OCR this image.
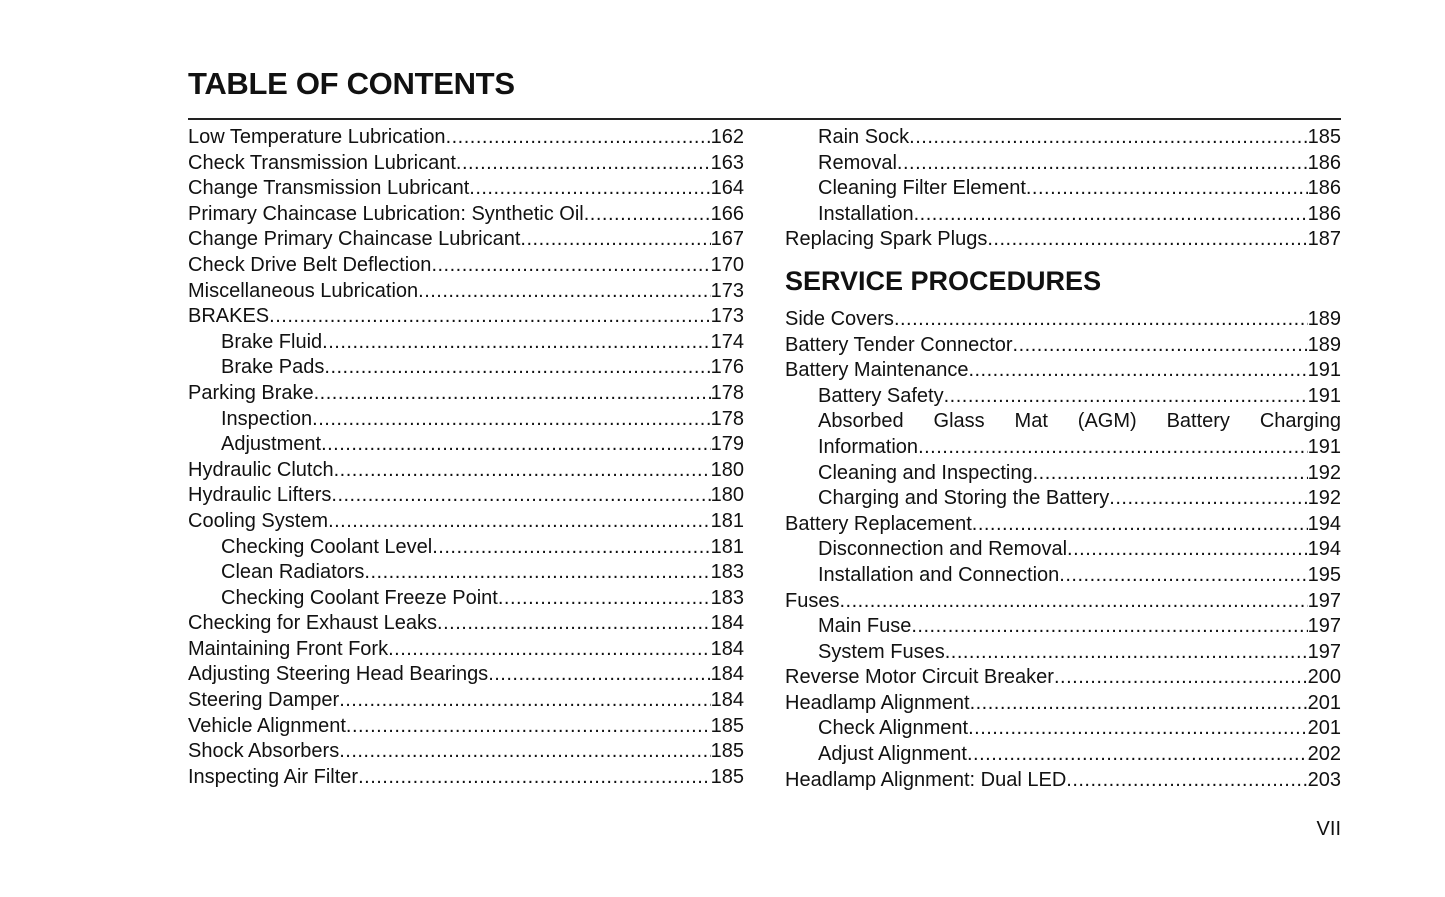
TABLE OF CONTENTS
Low Temperature Lubrication .....	162
Check Transmission Lubricant .....	163
Change Transmission Lubricant .....	164
Primary Chaincase Lubrication: Synthetic Oil .....	166
Change Primary Chaincase Lubricant .....	167
Check Drive Belt Deflection .....	170
Miscellaneous Lubrication .....	173
BRAKES .....	173
Brake Fluid .....	174
Brake Pads .....	176
Parking Brake .....	178
Inspection .....	178
Adjustment .....	179
Hydraulic Clutch .....	180
Hydraulic Lifters .....	180
Cooling System .....	181
Checking Coolant Level .....	181
Clean Radiators .....	183
Checking Coolant Freeze Point .....	183
Checking for Exhaust Leaks .....	184
Maintaining Front Fork .....	184
Adjusting Steering Head Bearings .....	184
Steering Damper .....	184
Vehicle Alignment .....	185
Shock Absorbers .....	185
Inspecting Air Filter .....	185
Rain Sock .....	185
Removal .....	186
Cleaning Filter Element .....	186
Installation .....	186
Replacing Spark Plugs .....	187
SERVICE PROCEDURES
Side Covers .....	189
Battery Tender Connector .....	189
Battery Maintenance .....	191
Battery Safety .....	191
Absorbed Glass Mat (AGM) Battery Charging
Information .....	191
Cleaning and Inspecting .....	192
Charging and Storing the Battery .....	192
Battery Replacement .....	194
Disconnection and Removal .....	194
Installation and Connection .....	195
Fuses .....	197
Main Fuse .....	197
System Fuses .....	197
Reverse Motor Circuit Breaker .....	200
Headlamp Alignment .....	201
Check Alignment .....	201
Adjust Alignment .....	202
Headlamp Alignment: Dual LED .....	203
VII
